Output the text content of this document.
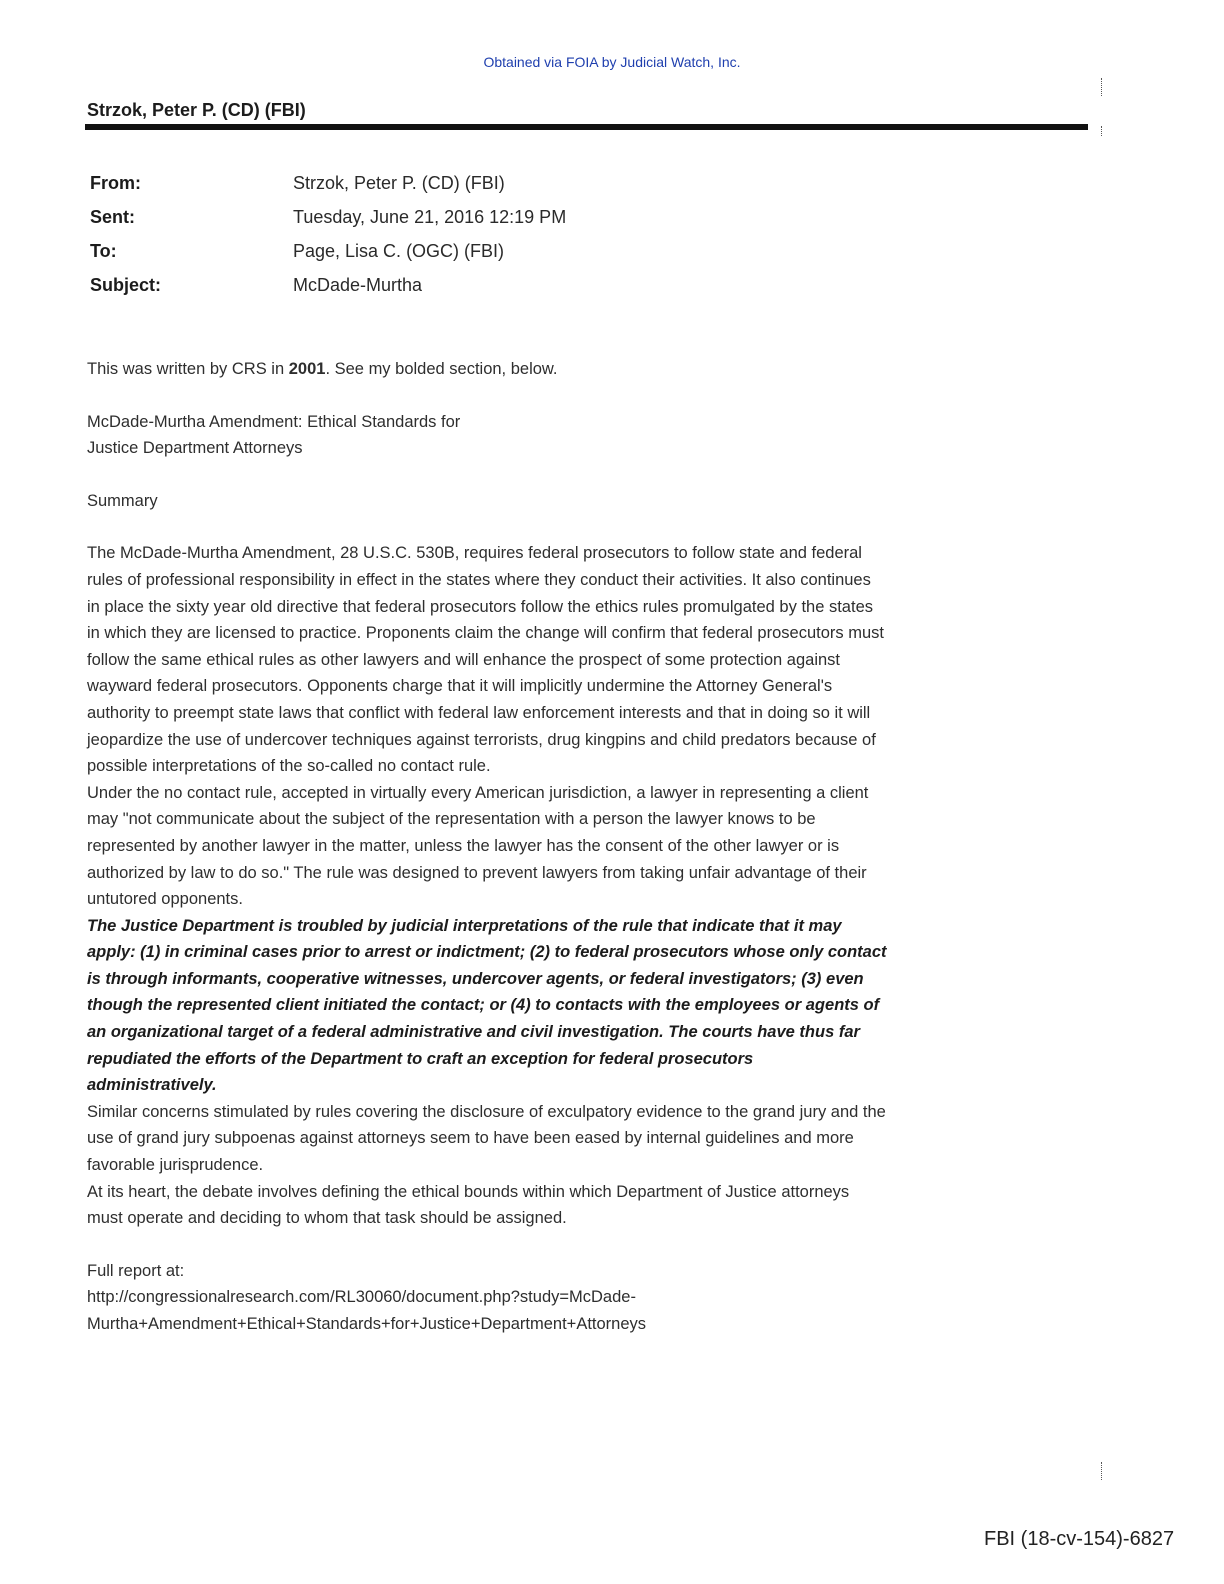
Obtained via FOIA by Judicial Watch, Inc.
Strzok, Peter P. (CD) (FBI)
From:	Strzok, Peter P. (CD) (FBI)
Sent:	Tuesday, June 21, 2016 12:19 PM
To:	Page, Lisa C. (OGC) (FBI)
Subject:	McDade-Murtha

This was written by CRS in 2001. See my bolded section, below.

McDade-Murtha Amendment: Ethical Standards for

Justice Department Attorneys

Summary

The McDade-Murtha Amendment, 28 U.S.C. 530B, requires federal prosecutors to follow state and federal rules of professional responsibility in effect in the states where they conduct their activities. It also continues in place the sixty year old directive that federal prosecutors follow the ethics rules promulgated by the states in which they are licensed to practice. Proponents claim the change will confirm that federal prosecutors must follow the same ethical rules as other lawyers and will enhance the prospect of some protection against wayward federal prosecutors. Opponents charge that it will implicitly undermine the Attorney General's authority to preempt state laws that conflict with federal law enforcement interests and that in doing so it will jeopardize the use of undercover techniques against terrorists, drug kingpins and child predators because of possible interpretations of the so-called no contact rule.

Under the no contact rule, accepted in virtually every American jurisdiction, a lawyer in representing a client may "not communicate about the subject of the representation with a person the lawyer knows to be represented by another lawyer in the matter, unless the lawyer has the consent of the other lawyer or is authorized by law to do so." The rule was designed to prevent lawyers from taking unfair advantage of their untutored opponents.

The Justice Department is troubled by judicial interpretations of the rule that indicate that it may apply: (1) in criminal cases prior to arrest or indictment; (2) to federal prosecutors whose only contact is through informants, cooperative witnesses, undercover agents, or federal investigators; (3) even though the represented client initiated the contact; or (4) to contacts with the employees or agents of an organizational target of a federal administrative and civil investigation. The courts have thus far repudiated the efforts of the Department to craft an exception for federal prosecutors administratively.

Similar concerns stimulated by rules covering the disclosure of exculpatory evidence to the grand jury and the use of grand jury subpoenas against attorneys seem to have been eased by internal guidelines and more favorable jurisprudence.

At its heart, the debate involves defining the ethical bounds within which Department of Justice attorneys must operate and deciding to whom that task should be assigned.

Full report at:

http://congressionalresearch.com/RL30060/document.php?study=McDade-

Murtha+Amendment+Ethical+Standards+for+Justice+Department+Attorneys

FBI (18-cv-154)-6827
